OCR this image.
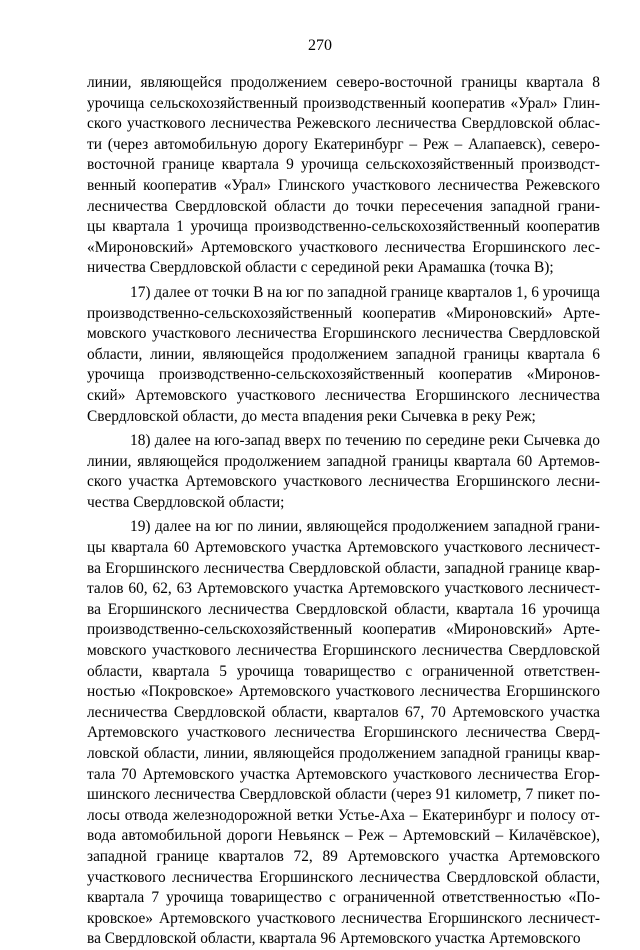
270
линии, являющейся продолжением северо-восточной границы квартала 8
урочища сельскохозяйственный производственный кооператив «Урал» Глин-
ского участкового лесничества Режевского лесничества Свердловской облас-
ти (через автомобильную дорогу Екатеринбург – Реж – Алапаевск), северо-
восточной границе квартала 9 урочища сельскохозяйственный производст-
венный кооператив «Урал» Глинского участкового лесничества Режевского
лесничества Свердловской области до точки пересечения западной грани-
цы квартала 1 урочища производственно-сельскохозяйственный кооператив
«Мироновский» Артемовского участкового лесничества Егоршинского лес-
ничества Свердловской области с серединой реки Арамашка (точка В);
17) далее от точки В на юг по западной границе кварталов 1, 6 урочища
производственно-сельскохозяйственный кооператив «Мироновский» Арте-
мовского участкового лесничества Егоршинского лесничества Свердловской
области, линии, являющейся продолжением западной границы квартала 6
урочища производственно-сельскохозяйственный кооператив «Миронов-
ский» Артемовского участкового лесничества Егоршинского лесничества
Свердловской области, до места впадения реки Сычевка в реку Реж;
18) далее на юго-запад вверх по течению по середине реки Сычевка до
линии, являющейся продолжением западной границы квартала 60 Артемов-
ского участка Артемовского участкового лесничества Егоршинского лесни-
чества Свердловской области;
19) далее на юг по линии, являющейся продолжением западной грани-
цы квартала 60 Артемовского участка Артемовского участкового лесничест-
ва Егоршинского лесничества Свердловской области, западной границе квар-
талов 60, 62, 63 Артемовского участка Артемовского участкового лесничест-
ва Егоршинского лесничества Свердловской области, квартала 16 урочища
производственно-сельскохозяйственный кооператив «Мироновский» Арте-
мовского участкового лесничества Егоршинского лесничества Свердловской
области, квартала 5 урочища товарищество с ограниченной ответствен-
ностью «Покровское» Артемовского участкового лесничества Егоршинского
лесничества Свердловской области, кварталов 67, 70 Артемовского участка
Артемовского участкового лесничества Егоршинского лесничества Сверд-
ловской области, линии, являющейся продолжением западной границы квар-
тала 70 Артемовского участка Артемовского участкового лесничества Егор-
шинского лесничества Свердловской области (через 91 километр, 7 пикет по-
лосы отвода железнодорожной ветки Устье-Аха – Екатеринбург и полосу от-
вода автомобильной дороги Невьянск – Реж – Артемовский – Килачёвское),
западной границе кварталов 72, 89 Артемовского участка Артемовского
участкового лесничества Егоршинского лесничества Свердловской области,
квартала 7 урочища товарищество с ограниченной ответственностью «По-
кровское» Артемовского участкового лесничества Егоршинского лесничест-
ва Свердловской области, квартала 96 Артемовского участка Артемовского
